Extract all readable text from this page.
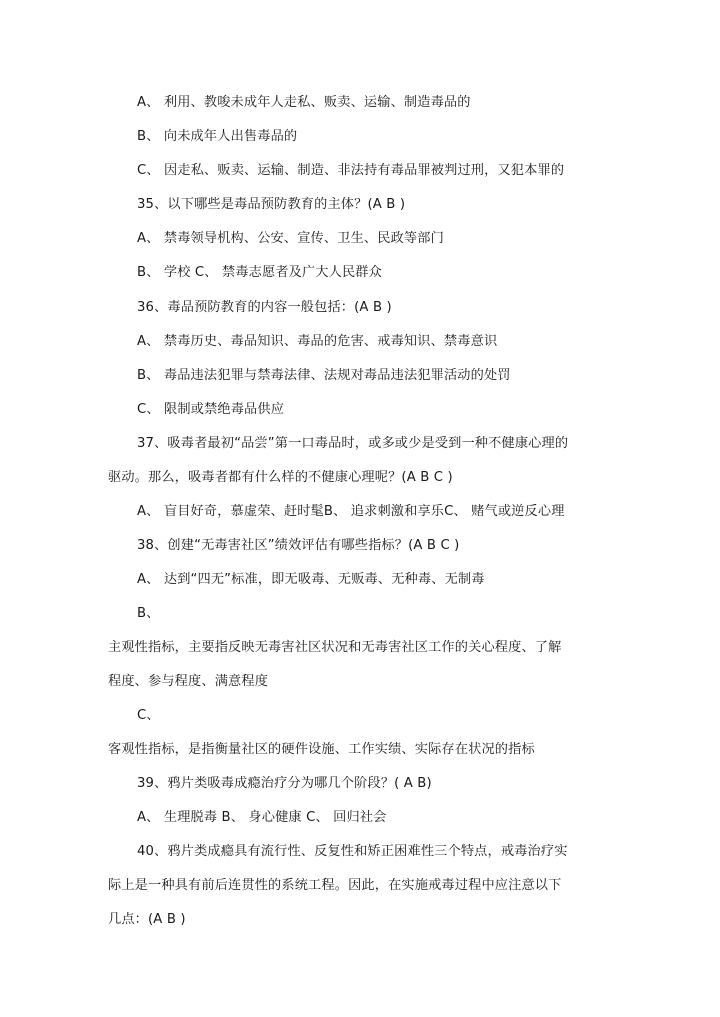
A、 利用、教唆未成年人走私、贩卖、运输、制造毒品的
B、 向未成年人出售毒品的
C、 因走私、贩卖、运输、制造、非法持有毒品罪被判过刑，又犯本罪的
35、以下哪些是毒品预防教育的主体？(A B )
A、 禁毒领导机构、公安、宣传、卫生、民政等部门
B、 学校 C、 禁毒志愿者及广大人民群众
36、毒品预防教育的内容一般包括：(A B )
A、 禁毒历史、毒品知识、毒品的危害、戒毒知识、禁毒意识
B、 毒品违法犯罪与禁毒法律、法规对毒品违法犯罪活动的处罚
C、 限制或禁绝毒品供应
37、吸毒者最初“品尝”第一口毒品时，或多或少是受到一种不健康心理的
驱动。那么，吸毒者都有什么样的不健康心理呢？(A B C )
A、 盲目好奇，慕虚荣、赶时髦B、 追求刺激和享乐C、 赌气或逆反心理
38、创建“无毒害社区”绩效评估有哪些指标？(A B C )
A、 达到“四无”标准，即无吸毒、无贩毒、无种毒、无制毒
B、
主观性指标，主要指反映无毒害社区状况和无毒害社区工作的关心程度、了解
程度、参与程度、满意程度
C、
客观性指标，是指衡量社区的硬件设施、工作实绩、实际存在状况的指标
39、鸦片类吸毒成瘾治疗分为哪几个阶段？( A B)
A、 生理脱毒 B、 身心健康 C、 回归社会
40、鸦片类成瘾具有流行性、反复性和矫正困难性三个特点，戒毒治疗实
际上是一种具有前后连贯性的系统工程。因此，在实施戒毒过程中应注意以下
几点：(A B )
